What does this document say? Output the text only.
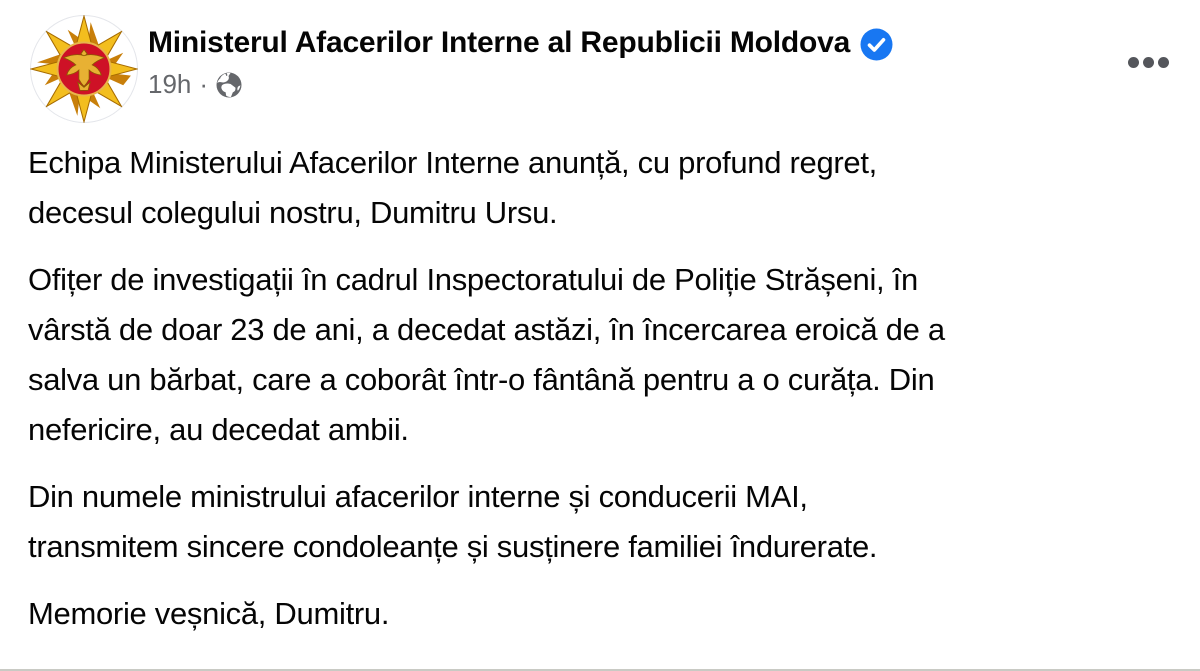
Ministerul Afacerilor Interne al Republicii Moldova
19h ·

Echipa Ministerului Afacerilor Interne anunță, cu profund regret,
decesul colegului nostru, Dumitru Ursu.

Ofițer de investigații în cadrul Inspectoratului de Poliție Strășeni, în
vârstă de doar 23 de ani, a decedat astăzi, în încercarea eroică de a
salva un bărbat, care a coborât într-o fântână pentru a o curăța. Din
nefericire, au decedat ambii.

Din numele ministrului afacerilor interne și conducerii MAI,
transmitem sincere condoleanțe și susținere familiei îndurerate.

Memorie veșnică, Dumitru.
